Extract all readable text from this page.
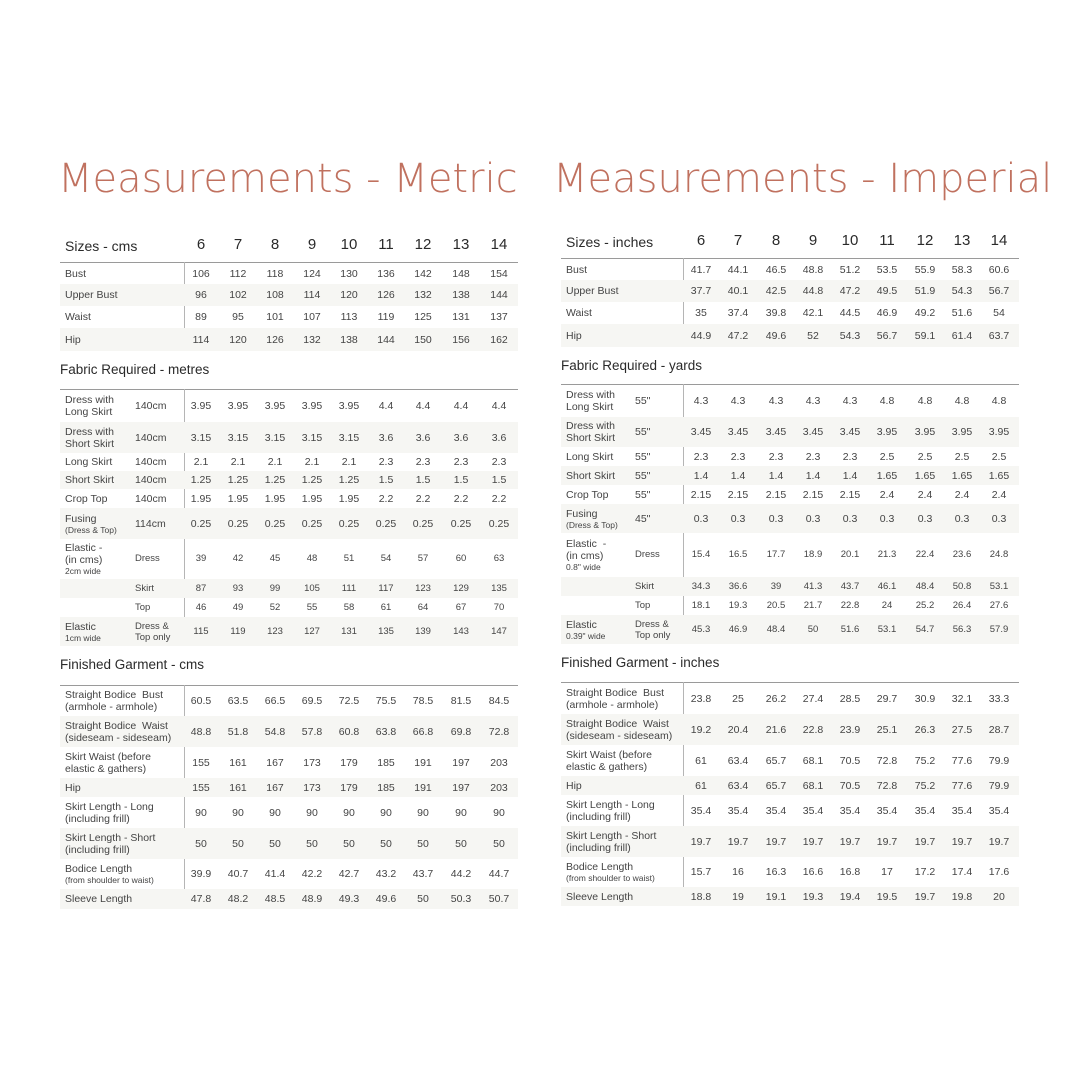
Measurements - Metric
Sizes - cms	6	7	8	9	10	11	12	13	14
Bust	106	112	118	124	130	136	142	148	154
Upper Bust	96	102	108	114	120	126	132	138	144
Waist	89	95	101	107	113	119	125	131	137
Hip	114	120	126	132	138	144	150	156	162
Fabric Required - metres
Dress with
Long Skirt 140cm	3.95	3.95	3.95	3.95	3.95	4.4	4.4	4.4	4.4
Dress with
Short Skirt 140cm	3.15	3.15	3.15	3.15	3.15	3.6	3.6	3.6	3.6
Long Skirt 140cm	2.1	2.1	2.1	2.1	2.1	2.3	2.3	2.3	2.3
Short Skirt 140cm	1.25	1.25	1.25	1.25	1.25	1.5	1.5	1.5	1.5
Crop Top	140cm	1.95	1.95	1.95	1.95	1.95	2.2	2.2	2.2	2.2
Fusing
(Dress & Top) 114cm	0.25	0.25	0.25	0.25	0.25	0.25	0.25	0.25	0.25
Elastic -
(in cms)
2cm wide
Dress	39	42	45	48	51	54	57	60	63
Skirt	87	93	99	105	111	117	123	129	135
Top	46	49	52	55	58	61	64	67	70
Elastic
1cm wide
Dress &
Top only
115	119	123	127	131	135	139	143	147
Finished Garment - cms
Straight Bodice  Bust
(armhole - armhole)	60.5	63.5	66.5	69.5	72.5	75.5	78.5	81.5	84.5
Straight Bodice  Waist
(sideseam - sideseam)	48.8	51.8	54.8	57.8	60.8	63.8	66.8	69.8	72.8
Skirt Waist (before
elastic & gathers)	155	161	167	173	179	185	191	197	203
Hip	155	161	167	173	179	185	191	197	203
Skirt Length - Long
(including frill)	90	90	90	90	90	90	90	90	90
Skirt Length - Short
(including frill)	50	50	50	50	50	50	50	50	50
Bodice Length
(from shoulder to waist)	39.9	40.7	41.4	42.2	42.7	43.2	43.7	44.2	44.7
Sleeve Length	47.8	48.2	48.5	48.9	49.3	49.6	50	50.3	50.7
Measurements - Imperial
Sizes - inches	6	7	8	9	10	11	12	13	14
Bust	41.7	44.1	46.5	48.8	51.2	53.5	55.9	58.3	60.6
Upper Bust	37.7	40.1	42.5	44.8	47.2	49.5	51.9	54.3	56.7
Waist	35	37.4	39.8	42.1	44.5	46.9	49.2	51.6	54
Hip	44.9	47.2	49.6	52	54.3	56.7	59.1	61.4	63.7
Fabric Required - yards
Dress with
Long Skirt 55"	4.3	4.3	4.3	4.3	4.3	4.8	4.8	4.8	4.8
Dress with
Short Skirt 55"	3.45	3.45	3.45	3.45	3.45	3.95	3.95	3.95	3.95
Long Skirt 55"	2.3	2.3	2.3	2.3	2.3	2.5	2.5	2.5	2.5
Short Skirt 55"	1.4	1.4	1.4	1.4	1.4	1.65	1.65	1.65	1.65
Crop Top	55"	2.15	2.15	2.15	2.15	2.15	2.4	2.4	2.4	2.4
Fusing
(Dress & Top) 45"	0.3	0.3	0.3	0.3	0.3	0.3	0.3	0.3	0.3
Elastic  -
(in cms)
0.8" wide
Dress	15.4	16.5	17.7	18.9	20.1	21.3	22.4	23.6	24.8
Skirt	34.3	36.6	39	41.3	43.7	46.1	48.4	50.8	53.1
Top	18.1	19.3	20.5	21.7	22.8	24	25.2	26.4	27.6
Elastic
0.39" wide
Dress &
Top only
45.3	46.9	48.4	50	51.6	53.1	54.7	56.3	57.9
Finished Garment - inches
Straight Bodice  Bust
(armhole - armhole)	23.8	25	26.2	27.4	28.5	29.7	30.9	32.1	33.3
Straight Bodice  Waist
(sideseam - sideseam)	19.2	20.4	21.6	22.8	23.9	25.1	26.3	27.5	28.7
Skirt Waist (before
elastic & gathers)	61	63.4	65.7	68.1	70.5	72.8	75.2	77.6	79.9
Hip	61	63.4	65.7	68.1	70.5	72.8	75.2	77.6	79.9
Skirt Length - Long
(including frill)	35.4	35.4	35.4	35.4	35.4	35.4	35.4	35.4	35.4
Skirt Length - Short
(including frill)	19.7	19.7	19.7	19.7	19.7	19.7	19.7	19.7	19.7
Bodice Length
(from shoulder to waist)	15.7	16	16.3	16.6	16.8	17	17.2	17.4	17.6
Sleeve Length	18.8	19	19.1	19.3	19.4	19.5	19.7	19.8	20
